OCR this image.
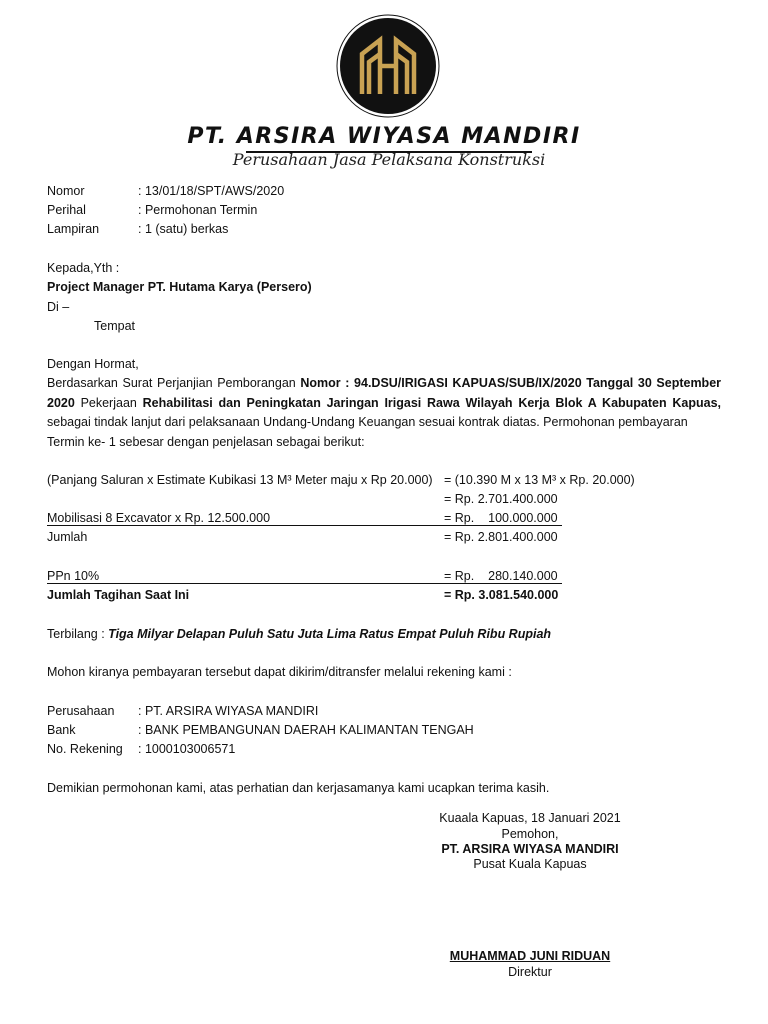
PT. ARSIRA WIYASA MANDIRI
Perusahaan Jasa Pelaksana Konstruksi
Nomor	: 13/01/18/SPT/AWS/2020
Perihal	: Permohonan Termin
Lampiran	: 1 (satu) berkas
Kepada,Yth :
Project Manager PT. Hutama Karya (Persero)
Di –
Tempat
Dengan Hormat,
Berdasarkan Surat Perjanjian Pemborangan Nomor : 94.DSU/IRIGASI KAPUAS/SUB/IX/2020 Tanggal 30 September 2020 Pekerjaan Rehabilitasi dan Peningkatan Jaringan Irigasi Rawa Wilayah Kerja Blok A Kabupaten Kapuas, sebagai tindak lanjut dari pelaksanaan Undang-Undang Keuangan sesuai kontrak diatas. Permohonan pembayaran
Termin ke- 1 sebesar dengan penjelasan sebagai berikut:
(Panjang Saluran x Estimate Kubikasi 13 M³ Meter maju x Rp 20.000) = (10.390 M x 13 M³ x Rp. 20.000)
= Rp. 2.701.400.000
Mobilisasi 8 Excavator x Rp. 12.500.000	= Rp.    100.000.000
Jumlah	= Rp. 2.801.400.000
PPn 10%	= Rp.    280.140.000
Jumlah Tagihan Saat Ini	= Rp. 3.081.540.000
Terbilang : Tiga Milyar Delapan Puluh Satu Juta Lima Ratus Empat Puluh Ribu Rupiah
Mohon kiranya pembayaran tersebut dapat dikirim/ditransfer melalui rekening kami :
Perusahaan : PT. ARSIRA WIYASA MANDIRI
Bank	: BANK PEMBANGUNAN DAERAH KALIMANTAN TENGAH
No. Rekening : 1000103006571
Demikian permohonan kami, atas perhatian dan kerjasamanya kami ucapkan terima kasih.
Kuaala Kapuas, 18 Januari 2021
Pemohon,
PT. ARSIRA WIYASA MANDIRI
Pusat Kuala Kapuas
MUHAMMAD JUNI RIDUAN
Direktur
